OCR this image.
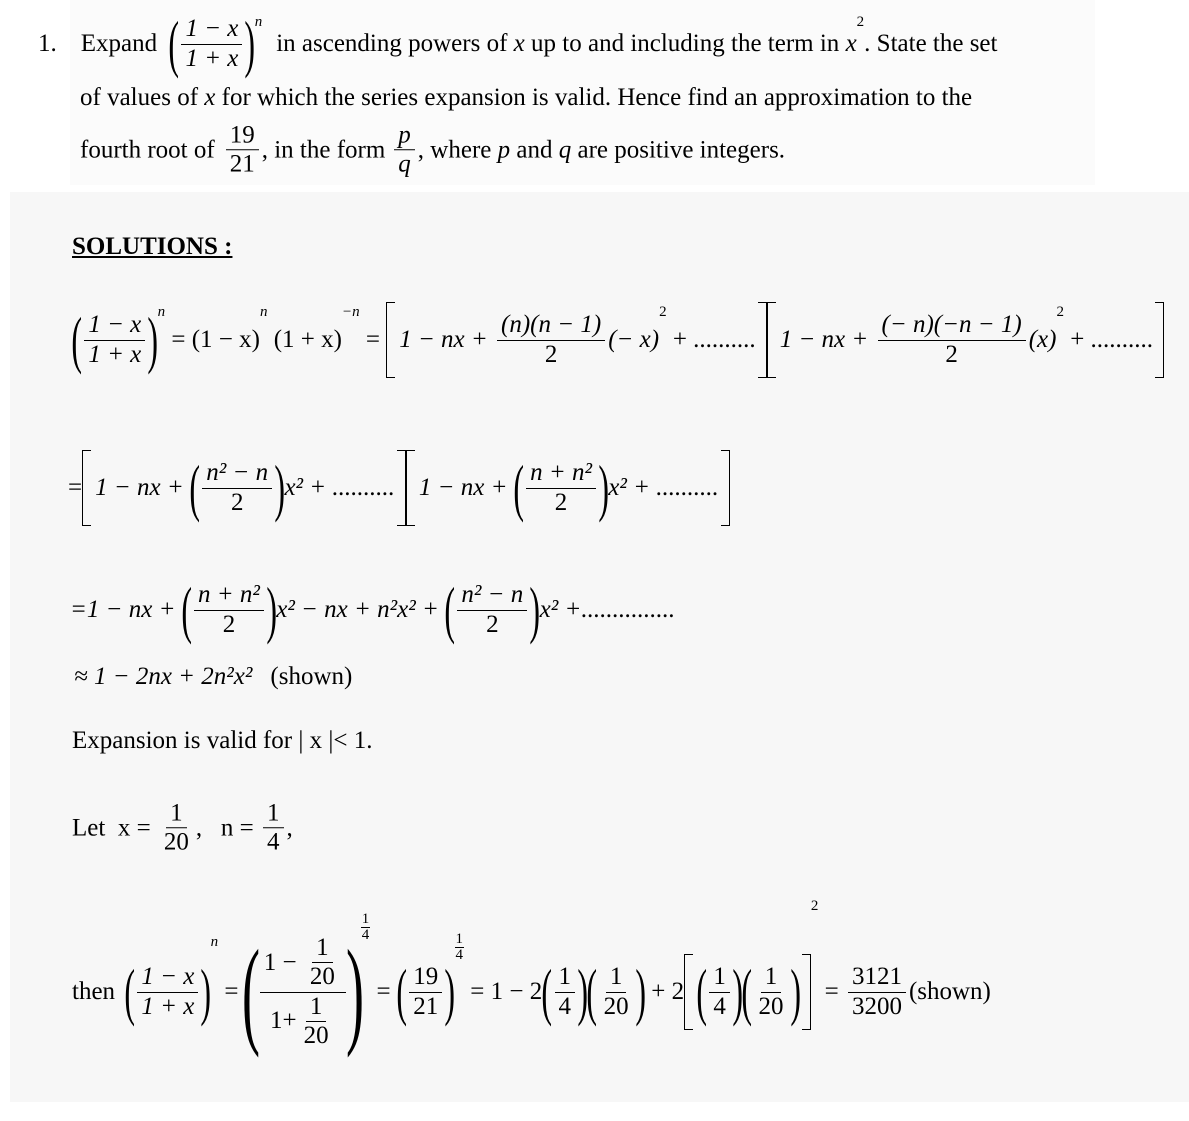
1. Expand ( $\frac{1 - x}{1 + x}$ ) n
in ascending powers of x up to and including the term in x
2
. State the set
of values of x for which the series expansion is valid. Hence find an approximation to the
fourth root of $\frac{19}{21}$ , in the form $\frac{p}{q}$ , where p and q are positive integers.
SOLUTIONS :
( $\frac{1 - x}{1 + x}$ ) n
= (1 − x)
n
(1 + x)
−n
= 1 − nx + $\frac{(n)(n - 1)}{2}$ (− x)
2
+ .......... 1 − nx + $\frac{(- n)(-n - 1)}{2} (x)$
2
+ ..........
= 1 − nx + ( $\frac{\text{n² − n}}{2}$ ) x² + .......... 1 − nx + ( $\frac{\text{n + n²}}{2}$ ) x² + ..........
=1 − nx + ( $\frac{\text{n + n²}}{2}$ ) x² − nx + n²x² + ( $\frac{\text{n² − n}}{2}$ ) x² +...............
≈ 1 − 2nx + 2n²x² (shown)
Expansion is valid for | x |< 1.
Let  $x = \frac{1}{20}$ ,   $n = \frac{1}{4}$ ,
then ( $\frac{1 - x}{1 + x}$ )
n
=
( $\frac{1 - \frac{1}{20}}{1+ \frac{1}{20}}$ )
$\frac{1}{4}$
= ( $\frac{19}{21}$ )
$\frac{1}{4}$
= 1 − 2 ( $\frac{1}{4}$ )
( $\frac{1}{20}$ ) + 2 ( $\frac{1}{4}$ )
( $\frac{1}{20}$ )
2
= $\frac{3121}{3200}$ (shown)
